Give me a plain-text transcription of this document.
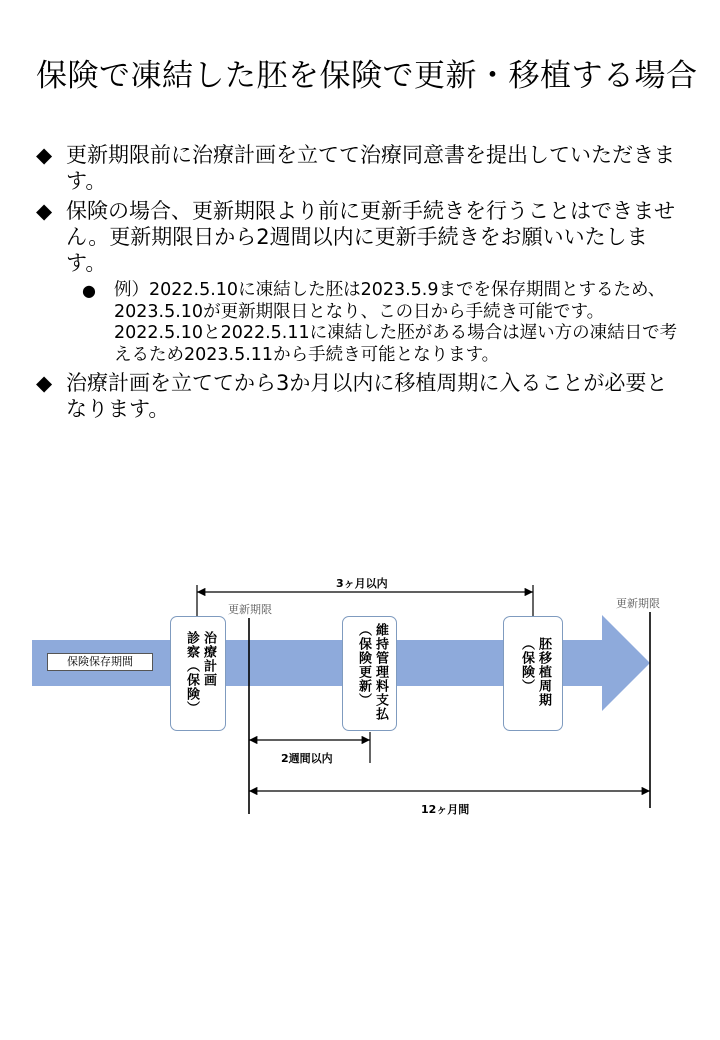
保険で凍結した胚を保険で更新・移植する場合
◆ 更新期限前に治療計画を立てて治療同意書を提出していただきます。
◆ 保険の場合、更新期限より前に更新手続きを行うことはできません。更新期限日から2週間以内に更新手続きをお願いいたします。
● 例）2022.5.10に凍結した胚は2023.5.9までを保存期間とするため、2023.5.10が更新期限日となり、この日から手続き可能です。2022.5.10と2022.5.11に凍結した胚がある場合は遅い方の凍結日で考えるため2023.5.11から手続き可能となります。
◆ 治療計画を立ててから3か月以内に移植周期に入ることが必要となります。
保険保存期間
更新期限	更新期限
3ヶ月以内
2週間以内
12ヶ月間
治療計画
診察（保険）	維持管理料支払
（保険更新）	胚移植周期
（保険）
